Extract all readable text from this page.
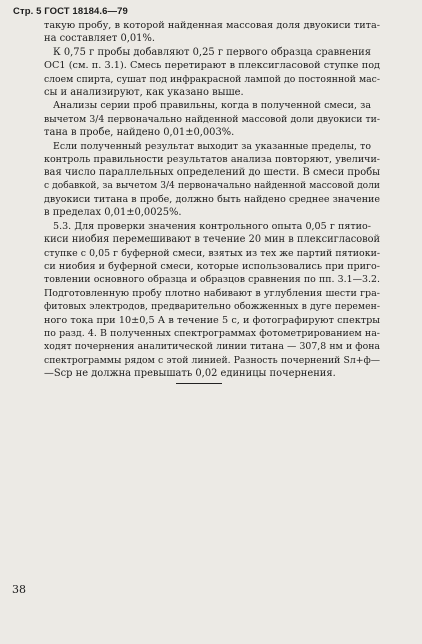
Стр. 5 ГОСТ 18184.6—79
такую пробу, в которой найденная массовая доля двуокиси тита-
на составляет 0,01%.
К 0,75 г пробы добавляют 0,25 г первого образца сравнения
ОС1 (см. п. 3.1). Смесь перетирают в плексигласовой ступке под
слоем спирта, сушат под инфракрасной лампой до постоянной мас-
сы и анализируют, как указано выше.
Анализы серии проб правильны, когда в полученной смеси, за
вычетом 3/4 первоначально найденной массовой доли двуокиси ти-
тана в пробе, найдено 0,01±0,003%.
Если полученный результат выходит за указанные пределы, то
контроль правильности результатов анализа повторяют, увеличи-
вая число параллельных определений до шести. В смеси пробы
с добавкой, за вычетом 3/4 первоначально найденной массовой доли
двуокиси титана в пробе, должно быть найдено среднее значение
в пределах 0,01±0,0025%.
5.3. Для проверки значения контрольного опыта 0,05 г пятио-
киси ниобия перемешивают в течение 20 мин в плексигласовой
ступке с 0,05 г буферной смеси, взятых из тех же партий пятиоки-
си ниобия и буферной смеси, которые использовались при приго-
товлении основного образца и образцов сравнения по пп. 3.1—3.2.
Подготовленную пробу плотно набивают в углубления шести гра-
фитовых электродов, предварительно обожженных в дуге перемен-
ного тока при 10±0,5 А в течение 5 с, и фотографируют спектры
по разд. 4. В полученных спектрограммах фотометрированием на-
ходят почернения аналитической линии титана — 307,8 нм и фона
спектрограммы рядом с этой линией. Разность почернений Sл+ф—
—Sср не должна превышать 0,02 единицы почернения.
38
